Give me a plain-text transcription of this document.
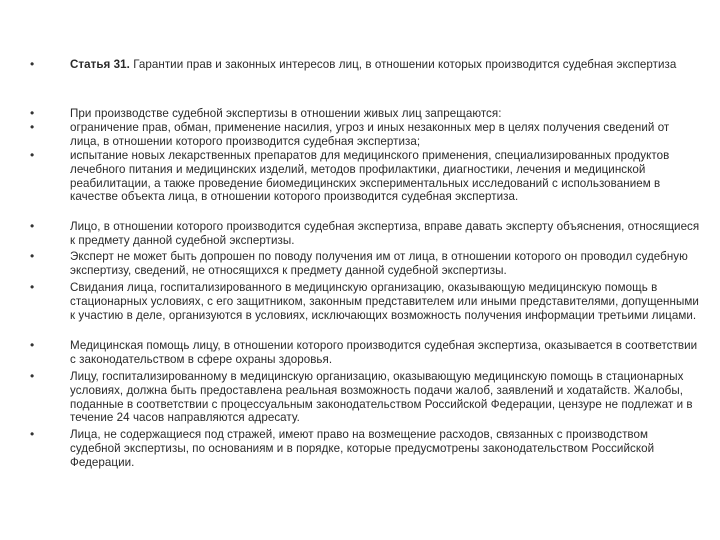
•	Статья 31. Гарантии прав и законных интересов лиц, в отношении которых производится судебная экспертиза
•	При производстве судебной экспертизы в отношении живых лиц запрещаются:
•	ограничение прав, обман, применение насилия, угроз и иных незаконных мер в целях получения сведений от лица, в отношении которого производится судебная экспертиза;
•	испытание новых лекарственных препаратов для медицинского применения, специализированных продуктов лечебного питания и медицинских изделий, методов профилактики, диагностики, лечения и медицинской реабилитации, а также проведение биомедицинских экспериментальных исследований с использованием в качестве объекта лица, в отношении которого производится судебная экспертиза.
•	Лицо, в отношении которого производится судебная экспертиза, вправе давать эксперту объяснения, относящиеся к предмету данной судебной экспертизы.
•	Эксперт не может быть допрошен по поводу получения им от лица, в отношении которого он проводил судебную экспертизу, сведений, не относящихся к предмету данной судебной экспертизы.
•	Свидания лица, госпитализированного в медицинскую организацию, оказывающую медицинскую помощь в стационарных условиях, с его защитником, законным представителем или иными представителями, допущенными к участию в деле, организуются в условиях, исключающих возможность получения информации третьими лицами.
•	Медицинская помощь лицу, в отношении которого производится судебная экспертиза, оказывается в соответствии с законодательством в сфере охраны здоровья.
•	Лицу, госпитализированному в медицинскую организацию, оказывающую медицинскую помощь в стационарных условиях, должна быть предоставлена реальная возможность подачи жалоб, заявлений и ходатайств. Жалобы, поданные в соответствии с процессуальным законодательством Российской Федерации, цензуре не подлежат и в течение 24 часов направляются адресату.
•	Лица, не содержащиеся под стражей, имеют право на возмещение расходов, связанных с производством судебной экспертизы, по основаниям и в порядке, которые предусмотрены законодательством Российской Федерации.
